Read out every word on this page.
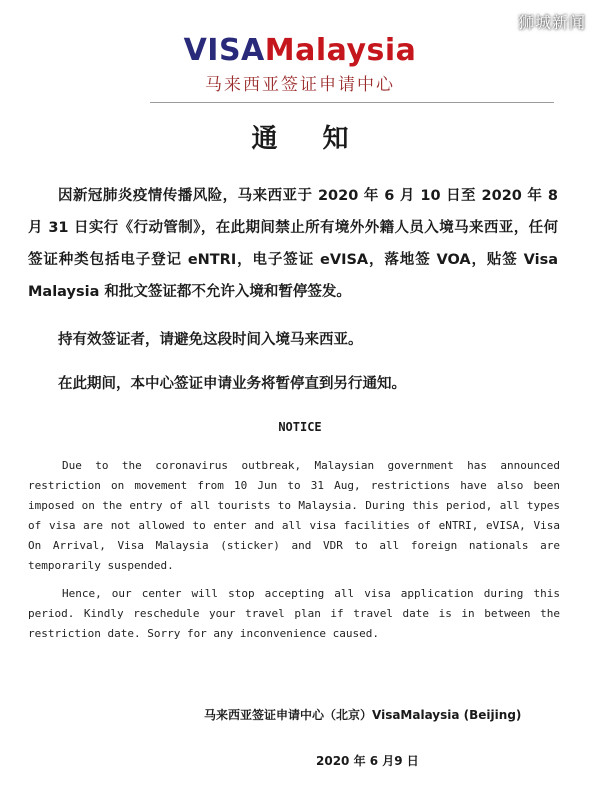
狮城新闻
VISAMalaysia
马来西亚签证申请中心
通 知

因新冠肺炎疫情传播风险，马来西亚于 2020 年 6 月 10 日至 2020 年 8 月 31 日实行《行动管制》，在此期间禁止所有境外外籍人员入境马来西亚，任何签证种类包括电子登记 eNTRI，电子签证 eVISA，落地签 VOA，贴签 Visa Malaysia 和批文签证都不允许入境和暂停签发。

持有效签证者，请避免这段时间入境马来西亚。

在此期间，本中心签证申请业务将暂停直到另行通知。

NOTICE

Due to the coronavirus outbreak, Malaysian government has announced restriction on movement from 10 Jun to 31 Aug, restrictions have also been imposed on the entry of all tourists to Malaysia. During this period, all types of visa are not allowed to enter and all visa facilities of eNTRI, eVISA, Visa On Arrival, Visa Malaysia (sticker) and VDR to all foreign nationals are temporarily suspended.

Hence, our center will stop accepting all visa application during this period. Kindly reschedule your travel plan if travel date is in between the restriction date. Sorry for any inconvenience caused.

马来西亚签证申请中心（北京）VisaMalaysia (Beijing)
2020 年 6 月9 日
